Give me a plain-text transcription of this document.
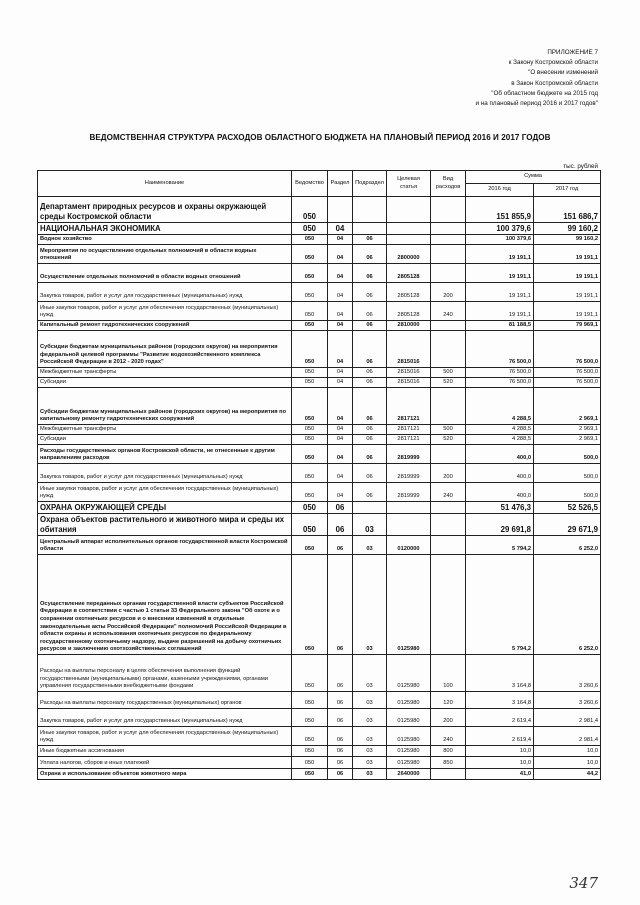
ПРИЛОЖЕНИЕ 7
к Закону Костромской области
"О внесении изменений
в Закон Костромской области
"Об областном бюджете на 2015 год
и на плановый период 2016 и 2017 годов"
ВЕДОМСТВЕННАЯ СТРУКТУРА РАСХОДОВ ОБЛАСТНОГО БЮДЖЕТА НА ПЛАНОВЫЙ ПЕРИОД 2016 И 2017 ГОДОВ
тыс. рублей
Наименование	Ведомство	Раздел	Подраздел	Целевая статья	Вид расходов	Сумма	
						2016 год	2017 год
Департамент природных ресурсов и охраны окружающей среды Костромской области	050					151 855,9	151 686,7
НАЦИОНАЛЬНАЯ ЭКОНОМИКА	050	04				100 379,6	99 160,2
Водное хозяйство	050	04	06			100 379,6	99 160,2
Мероприятия по осуществлению отдельных полномочий в области водных отношений	050	04	06	2800000		19 191,1	19 191,1
Осуществление отдельных полномочий в области водных отношений	050	04	06	2805128		19 191,1	19 191,1
Закупка товаров, работ и услуг для государственных (муниципальных) нужд	050	04	06	2805128	200	19 191,1	19 191,1
Иные закупки товаров, работ и услуг для обеспечения государственных (муниципальных) нужд	050	04	06	2805128	240	19 191,1	19 191,1
Капитальный ремонт гидротехнических сооружений	050	04	06	2810000		81 188,5	79 969,1
Субсидии бюджетам муниципальных районов (городских округов) на мероприятия федеральной целевой программы "Развитие водохозяйственного комплекса Российской Федерации в 2012 - 2020 годах"	050	04	06	2815016		76 500,0	76 500,0
Межбюджетные трансферты	050	04	06	2815016	500	76 500,0	76 500,0
Субсидии	050	04	06	2815016	520	76 500,0	76 500,0
Субсидии бюджетам муниципальных районов (городских округов) на мероприятия по капитальному ремонту гидротехнических сооружений	050	04	06	2817121		4 288,5	2 969,1
Межбюджетные трансферты	050	04	06	2817121	500	4 288,5	2 969,1
Субсидии	050	04	06	2817121	520	4 288,5	2 969,1
Расходы государственных органов Костромской области, не отнесенные к другим направлениям расходов	050	04	06	2819999		400,0	500,0
Закупка товаров, работ и услуг для государственных (муниципальных) нужд	050	04	06	2819999	200	400,0	500,0
Иные закупки товаров, работ и услуг для обеспечения государственных (муниципальных) нужд	050	04	06	2819999	240	400,0	500,0
ОХРАНА ОКРУЖАЮЩЕЙ СРЕДЫ	050	06				51 476,3	52 526,5
Охрана объектов растительного и животного мира и среды их обитания	050	06	03			29 691,8	29 671,9
Центральный аппарат исполнительных органов государственной власти Костромской области	050	06	03	0120000		5 794,2	6 252,0
Осуществление переданных органам государственной власти субъектов Российской Федерации в соответствии с частью 1 статьи 33 Федерального закона "Об охоте и о сохранении охотничьих ресурсов и о внесении изменений в отдельные законодательные акты Российской Федерации" полномочий Российской Федерации в области охраны и использования охотничьих ресурсов по федеральному государственному охотничьему надзору, выдаче разрешений на добычу охотничьих ресурсов и заключению охотхозяйственных соглашений	050	06	03	0125980		5 794,2	6 252,0
Расходы на выплаты персоналу в целях обеспечения выполнения функций государственными (муниципальными) органами, казенными учреждениями, органами управления государственными внебюджетными фондами	050	06	03	0125980	100	3 164,8	3 260,6
Расходы на выплаты персоналу государственных (муниципальных) органов	050	06	03	0125980	120	3 164,8	3 260,6
Закупка товаров, работ и услуг для государственных (муниципальных) нужд	050	06	03	0125980	200	2 619,4	2 981,4
Иные закупки товаров, работ и услуг для обеспечения государственных (муниципальных) нужд	050	06	03	0125980	240	2 619,4	2 981,4
Иные бюджетные ассигнования	050	06	03	0125980	800	10,0	10,0
Уплата налогов, сборов и иных платежей	050	06	03	0125980	850	10,0	10,0
Охрана и использование объектов животного мира	050	06	03	2640000		41,0	44,2
347
